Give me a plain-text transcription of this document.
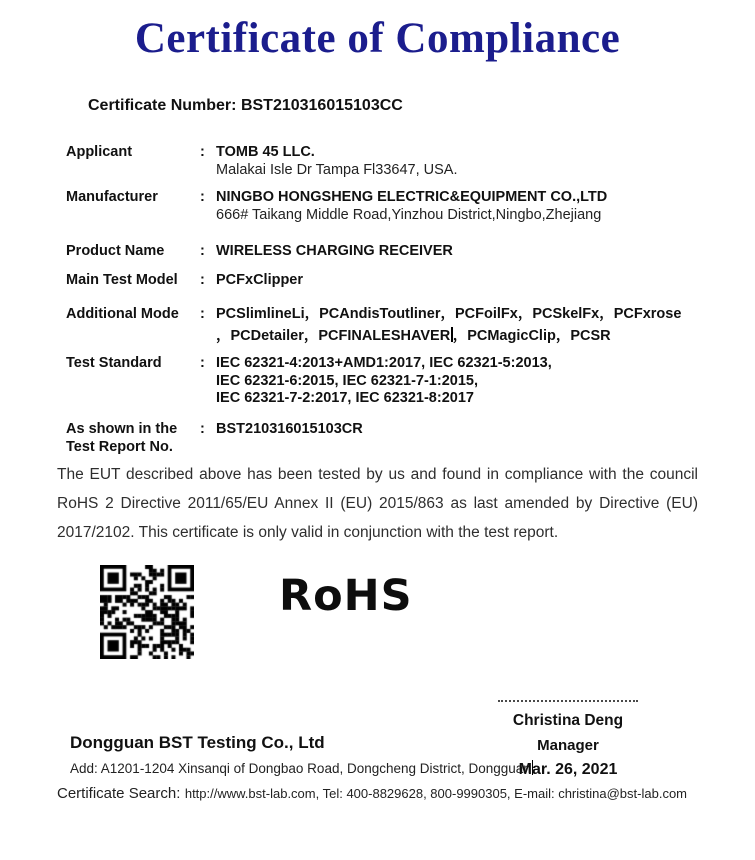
Certificate of Compliance
Certificate Number: BST210316015103CC
Applicant	: TOMB 45 LLC.
Malakai Isle Dr Tampa Fl33647, USA.
Manufacturer	: NINGBO HONGSHENG ELECTRIC&EQUIPMENT CO.,LTD
666# Taikang Middle Road,Yinzhou District,Ningbo,Zhejiang
Product Name	: WIRELESS CHARGING RECEIVER
Main Test Model	: PCFxClipper
Additional Mode	: PCSlimlineLi，PCAndisToutliner，PCFoilFx，PCSkelFx，PCFxrose
，PCDetailer，PCFINALESHAVER ，PCMagicClip，PCSR
Test Standard	: IEC 62321-4:2013+AMD1:2017, IEC 62321-5:2013,
IEC 62321-6:2015, IEC 62321-7-1:2015,
IEC 62321-7-2:2017, IEC 62321-8:2017
As shown in the
Test Report No.
: BST210316015103CR

The EUT described above has been tested by us and found in compliance with the council RoHS 2 Directive 2011/65/EU Annex II (EU) 2015/863 as last amended by Directive (EU) 2017/2102. This certificate is only valid in conjunction with the test report.

RoHS
Christina Deng
Manager
Mar. 26, 2021
Dongguan BST Testing Co., Ltd
Add: A1201-1204 Xinsanqi of Dongbao Road, Dongcheng District, Dongguan
Certificate Search: http://www.bst-lab.com, Tel: 400-8829628, 800-9990305, E-mail: christina@bst-lab.com
